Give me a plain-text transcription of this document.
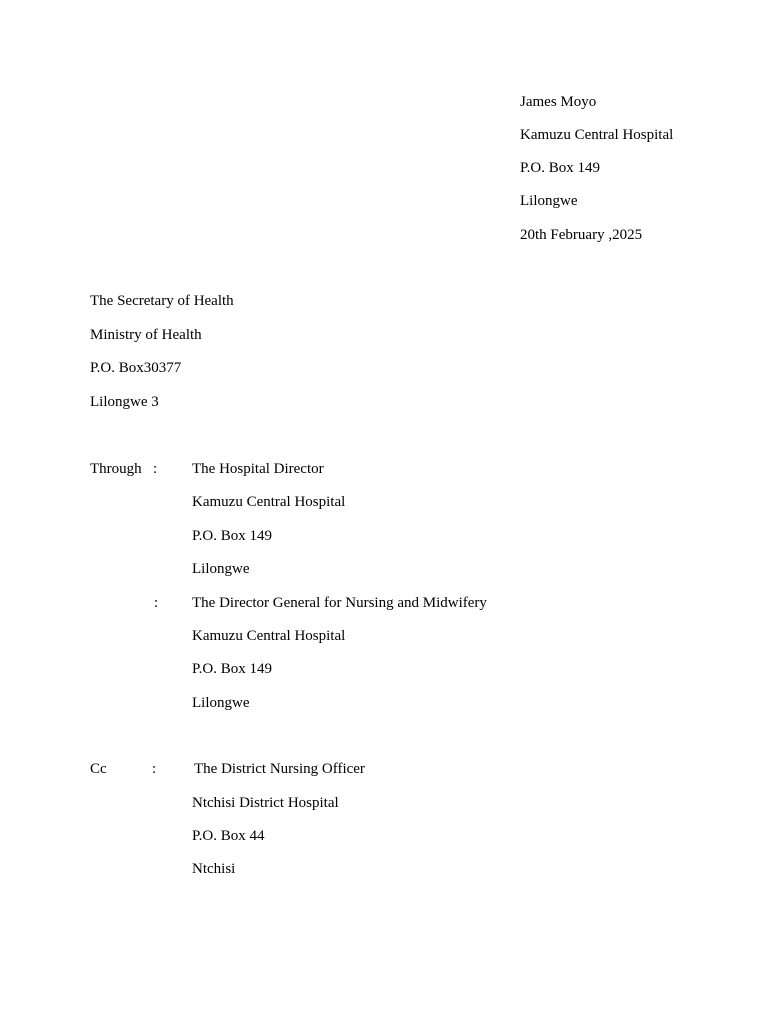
James Moyo
Kamuzu Central Hospital
P.O. Box 149
Lilongwe
20th February ,2025
The Secretary of Health
Ministry of Health
P.O. Box30377
Lilongwe 3
Through : The Hospital Director
Kamuzu Central Hospital
P.O. Box 149
Lilongwe
: The Director General for Nursing and Midwifery
Kamuzu Central Hospital
P.O. Box 149
Lilongwe
Cc	:	The District Nursing Officer
Ntchisi District Hospital
P.O. Box 44
Ntchisi
